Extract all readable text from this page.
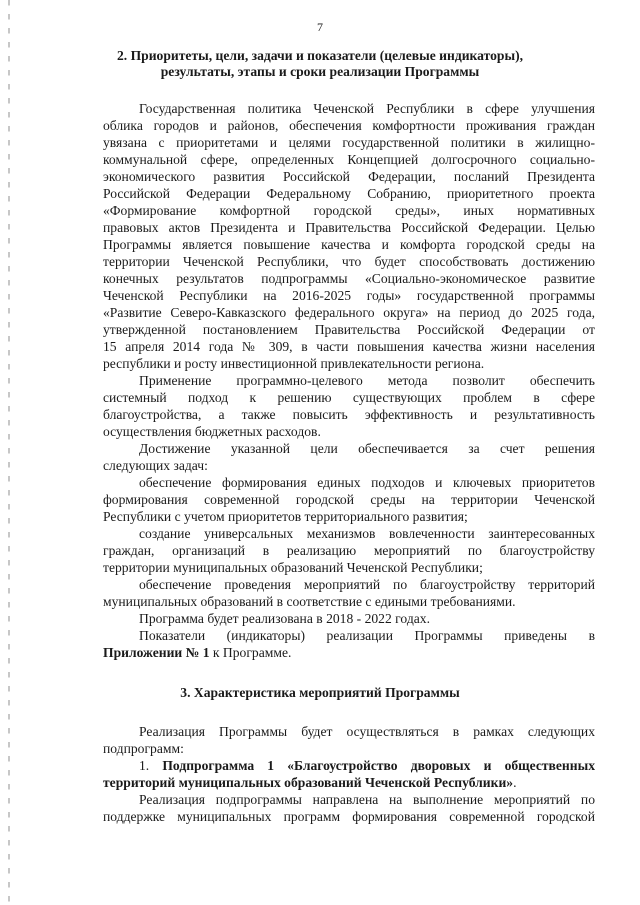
7
2. Приоритеты, цели, задачи и показатели (целевые индикаторы),
результаты, этапы и сроки реализации Программы
Государственная политика Чеченской Республики в сфере улучшения
облика городов и районов, обеспечения комфортности проживания граждан
увязана с приоритетами и целями государственной политики в жилищно-
коммунальной сфере, определенных Концепцией долгосрочного социально-
экономического развития Российской Федерации, посланий Президента
Российской Федерации Федеральному Собранию, приоритетного проекта
«Формирование комфортной городской среды», иных нормативных
правовых актов Президента и Правительства Российской Федерации. Целью
Программы является повышение качества и комфорта городской среды на
территории Чеченской Республики, что будет способствовать достижению
конечных результатов подпрограммы «Социально-экономическое развитие
Чеченской Республики на 2016-2025 годы» государственной программы
«Развитие Северо-Кавказского федерального округа» на период до 2025 года,
утвержденной постановлением Правительства Российской Федерации от
15 апреля 2014 года № 309, в части повышения качества жизни населения
республики и росту инвестиционной привлекательности региона.
Применение программно-целевого метода позволит обеспечить
системный подход к решению существующих проблем в сфере
благоустройства, а также повысить эффективность и результативность
осуществления бюджетных расходов.
Достижение указанной цели обеспечивается за счет решения
следующих задач:
обеспечение формирования единых подходов и ключевых приоритетов
формирования современной городской среды на территории Чеченской
Республики с учетом приоритетов территориального развития;
создание универсальных механизмов вовлеченности заинтересованных
граждан, организаций в реализацию мероприятий по благоустройству
территории муниципальных образований Чеченской Республики;
обеспечение проведения мероприятий по благоустройству территорий
муниципальных образований в соответствие с едиными требованиями.
Программа будет реализована в 2018 - 2022 годах.
Показатели (индикаторы) реализации Программы приведены в
Приложении № 1 к Программе.
3. Характеристика мероприятий Программы
Реализация Программы будет осуществляться в рамках следующих
подпрограмм:
1. Подпрограмма 1 «Благоустройство дворовых и общественных
территорий муниципальных образований Чеченской Республики».
Реализация подпрограммы направлена на выполнение мероприятий по
поддержке муниципальных программ формирования современной городской
